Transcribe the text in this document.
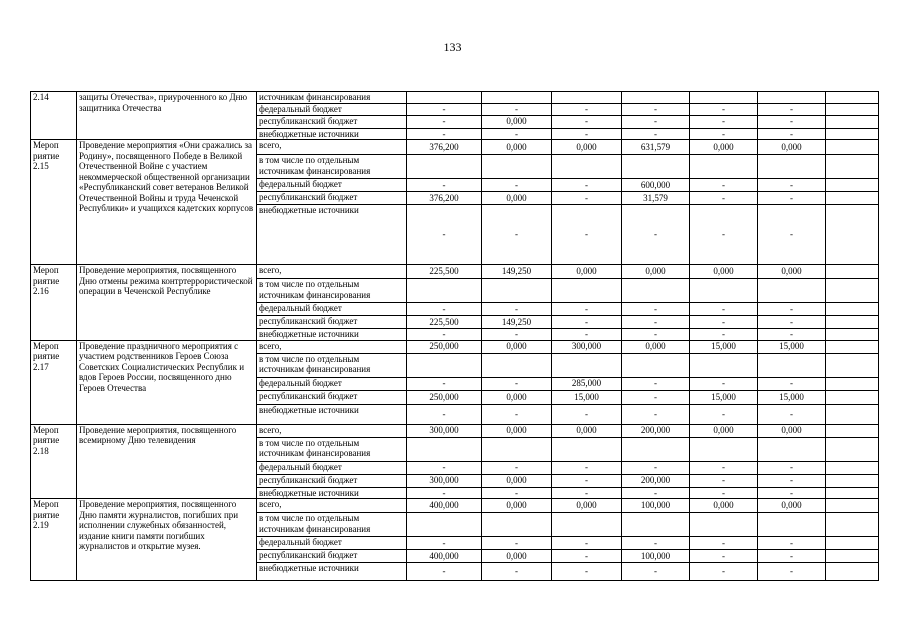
133
2.14	защиты Отечества», приуроченного ко Дню защитника Отечества	источникам финансирования							
		федеральный бюджет	-	-	-	-	-	-	
		республиканский бюджет	-	0,000	-	-	-	-	
		внебюджетные источники	-	-	-	-	-	-	
Мероп риятие 2.15	Проведение мероприятия «Они сражались за Родину», посвященного Победе в Великой Отечественной Войне с участием некоммерческой общественной организации «Республиканский совет ветеранов Великой Отечественной Войны и труда Чеченской Республики» и учащихся кадетских корпусов	всего,	376,200	0,000	0,000	631,579	0,000	0,000	
		в том числе по отдельным источникам финансирования							
		федеральный бюджет	-	-	-	600,000	-	-	
		республиканский бюджет	376,200	0,000	-	31,579	-	-	
		внебюджетные источники	-	-	-	-	-	-	
Мероп риятие 2.16	Проведение мероприятия, посвященного Дню отмены режима контртеррористической операции в Чеченской Республике	всего,	225,500	149,250	0,000	0,000	0,000	0,000	
		в том числе по отдельным источникам финансирования							
		федеральный бюджет	-	-	-	-	-	-	
		республиканский бюджет	225,500	149,250	-	-	-	-	
		внебюджетные источники	-	-	-	-	-	-	
Мероп риятие 2.17	Проведение праздничного мероприятия с участием родственников Героев Союза Советских Социалистических Республик и вдов Героев России, посвященного дню Героев Отечества	всего,	250,000	0,000	300,000	0,000	15,000	15,000	
		в том числе по отдельным источникам финансирования							
		федеральный бюджет	-	-	285,000	-	-	-	
		республиканский бюджет	250,000	0,000	15,000	-	15,000	15,000	
		внебюджетные источники	-	-	-	-	-	-	
Мероп риятие 2.18	Проведение мероприятия, посвященного всемирному Дню телевидения	всего,	300,000	0,000	0,000	200,000	0,000	0,000	
		в том числе по отдельным источникам финансирования							
		федеральный бюджет	-	-	-	-	-	-	
		республиканский бюджет	300,000	0,000	-	200,000	-	-	
		внебюджетные источники	-	-	-	-	-	-	
Мероп риятие 2.19	Проведение мероприятия, посвященного Дню памяти журналистов, погибших при исполнении служебных обязанностей, издание книги памяти погибших журналистов и открытие музея.	всего,	400,000	0,000	0,000	100,000	0,000	0,000	
		в том числе по отдельным источникам финансирования							
		федеральный бюджет	-	-	-	-	-	-	
		республиканский бюджет	400,000	0,000	-	100,000	-	-	
		внебюджетные источники	-	-	-	-	-	-	
